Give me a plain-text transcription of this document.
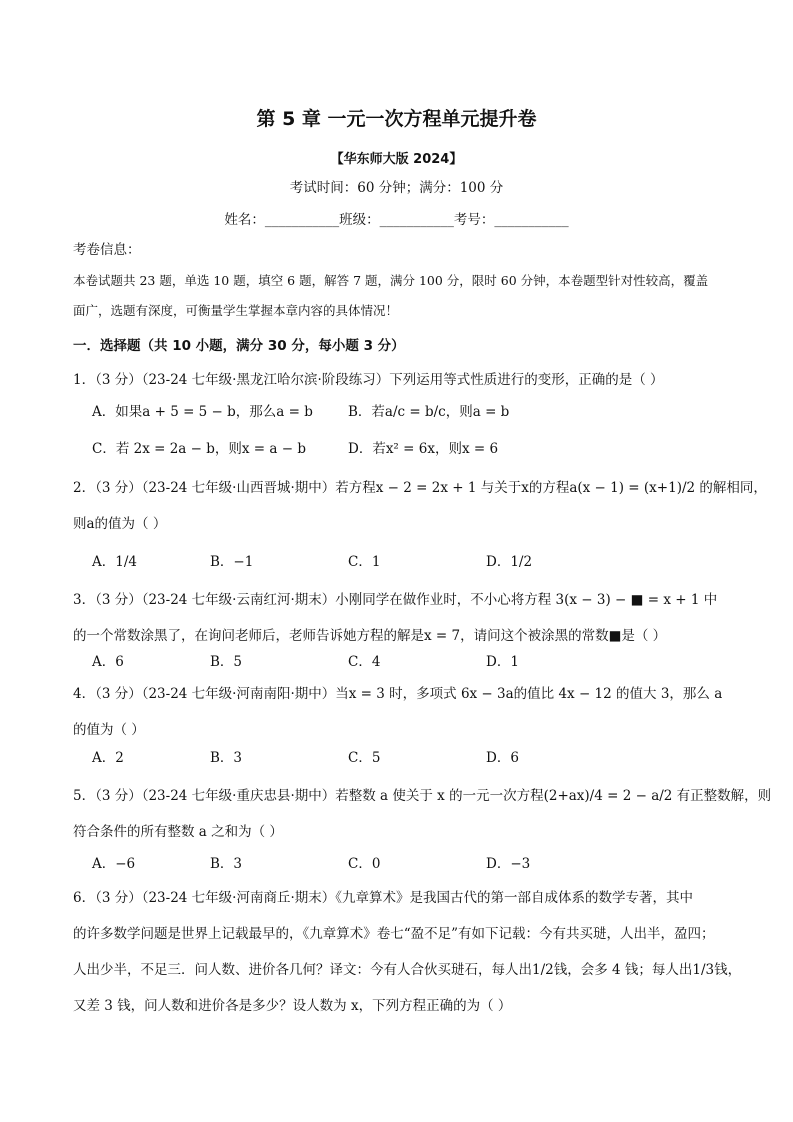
第 5 章 一元一次方程单元提升卷
【华东师大版 2024】
考试时间：60 分钟；满分：100 分
姓名：___________班级：___________考号：___________
考卷信息：
本卷试题共 23 题，单选 10 题，填空 6 题，解答 7 题，满分 100 分，限时 60 分钟，本卷题型针对性较高，覆盖
面广，选题有深度，可衡量学生掌握本章内容的具体情况！
一．选择题（共 10 小题，满分 30 分，每小题 3 分）
1．（3 分）（23-24 七年级·黑龙江哈尔滨·阶段练习）下列运用等式性质进行的变形，正确的是（ ）
A．如果a + 5 = 5 − b，那么a = b	B．若a/c = b/c，则a = b
C．若 2x = 2a − b，则x = a − b	D．若x² = 6x，则x = 6
2．（3 分）（23-24 七年级·山西晋城·期中）若方程x − 2 = 2x + 1 与关于x的方程a(x − 1) = (x+1)/2 的解相同，
则a的值为（ ）
A．1/4	B．−1	C．1	D．1/2
3．（3 分）（23-24 七年级·云南红河·期末）小刚同学在做作业时，不小心将方程 3(x − 3) − ■ = x + 1 中
的一个常数涂黑了，在询问老师后，老师告诉她方程的解是x = 7，请问这个被涂黑的常数■是（ ）
A．6	B．5	C．4	D．1
4．（3 分）（23-24 七年级·河南南阳·期中）当x = 3 时，多项式 6x − 3a的值比 4x − 12 的值大 3，那么 a
的值为（ ）
A．2	B．3	C．5	D．6
5．（3 分）（23-24 七年级·重庆忠县·期中）若整数 a 使关于 x 的一元一次方程(2+ax)/4 = 2 − a/2 有正整数解，则
符合条件的所有整数 a 之和为（ ）
A．−6	B．3	C．0	D．−3
6．（3 分）（23-24 七年级·河南商丘·期末）《九章算术》是我国古代的第一部自成体系的数学专著，其中
的许多数学问题是世界上记载最早的，《九章算术》卷七“盈不足”有如下记载：今有共买琎，人出半，盈四；
人出少半，不足三．问人数、进价各几何？译文：今有人合伙买琎石，每人出1/2钱，会多 4 钱；每人出1/3钱，
又差 3 钱，问人数和进价各是多少？设人数为 x，下列方程正确的为（ ）
